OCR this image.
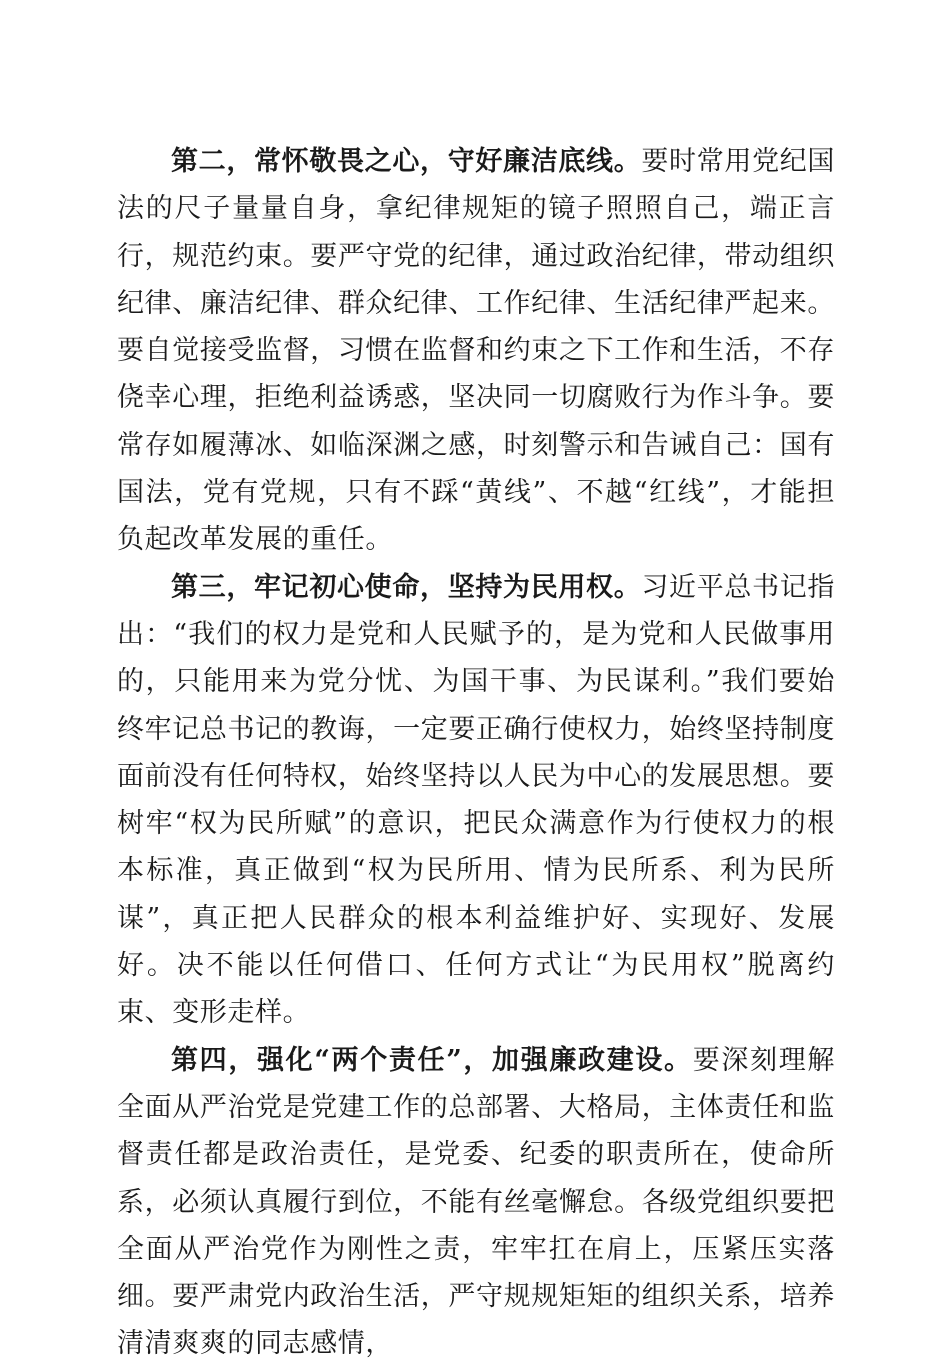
第二，常怀敬畏之心，守好廉洁底线。要时常用党纪国法的尺子量量自身，拿纪律规矩的镜子照照自己，端正言行，规范约束。要严守党的纪律，通过政治纪律，带动组织纪律、廉洁纪律、群众纪律、工作纪律、生活纪律严起来。要自觉接受监督，习惯在监督和约束之下工作和生活，不存侥幸心理，拒绝利益诱惑，坚决同一切腐败行为作斗争。要常存如履薄冰、如临深渊之感，时刻警示和告诫自己：国有国法，党有党规，只有不踩“黄线”、不越“红线”，才能担负起改革发展的重任。

第三，牢记初心使命，坚持为民用权。习近平总书记指出：“我们的权力是党和人民赋予的，是为党和人民做事用的，只能用来为党分忧、为国干事、为民谋利。”我们要始终牢记总书记的教诲，一定要正确行使权力，始终坚持制度面前没有任何特权，始终坚持以人民为中心的发展思想。要树牢“权为民所赋”的意识，把民众满意作为行使权力的根本标准，真正做到“权为民所用、情为民所系、利为民所谋”，真正把人民群众的根本利益维护好、实现好、发展好。决不能以任何借口、任何方式让“为民用权”脱离约束、变形走样。

第四，强化“两个责任”，加强廉政建设。要深刻理解全面从严治党是党建工作的总部署、大格局，主体责任和监督责任都是政治责任，是党委、纪委的职责所在，使命所系，必须认真履行到位，不能有丝毫懈怠。各级党组织要把全面从严治党作为刚性之责，牢牢扛在肩上，压紧压实落细。要严肃党内政治生活，严守规规矩矩的组织关系，培养清清爽爽的同志感情，
